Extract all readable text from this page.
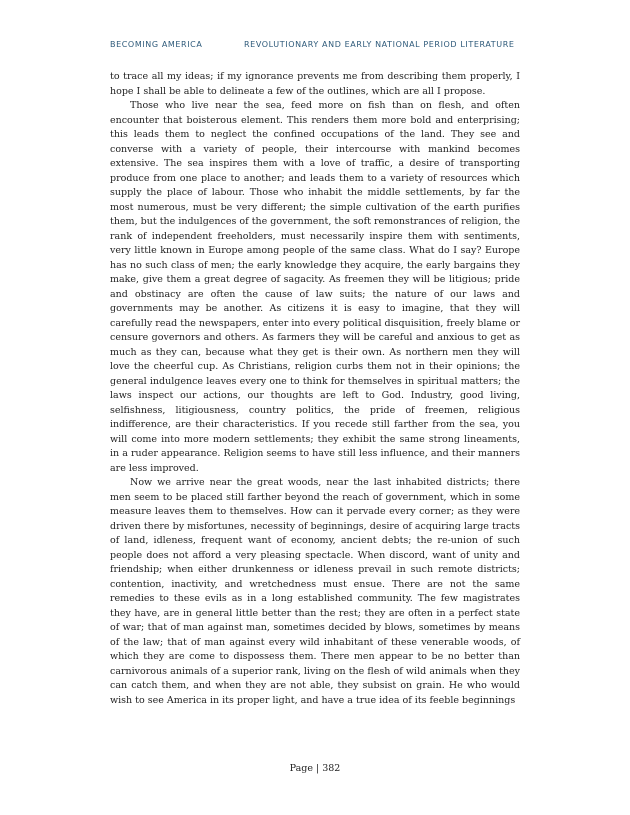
BECOMING AMERICA	REVOLUTIONARY AND EARLY NATIONAL PERIOD LITERATURE

to trace all my ideas; if my ignorance prevents me from describing them properly, I hope I shall be able to delineate a few of the outlines, which are all I propose.

Those who live near the sea, feed more on fish than on flesh, and often encounter that boisterous element. This renders them more bold and enterprising; this leads them to neglect the confined occupations of the land. They see and converse with a variety of people, their intercourse with mankind becomes extensive. The sea inspires them with a love of traffic, a desire of transporting produce from one place to another; and leads them to a variety of resources which supply the place of labour. Those who inhabit the middle settlements, by far the most numerous, must be very different; the simple cultivation of the earth purifies them, but the indulgences of the government, the soft remonstrances of religion, the rank of independent freeholders, must necessarily inspire them with sentiments, very little known in Europe among people of the same class. What do I say? Europe has no such class of men; the early knowledge they acquire, the early bargains they make, give them a great degree of sagacity. As freemen they will be litigious; pride and obstinacy are often the cause of law suits; the nature of our laws and governments may be another. As citizens it is easy to imagine, that they will carefully read the newspapers, enter into every political disquisition, freely blame or censure governors and others. As farmers they will be careful and anxious to get as much as they can, because what they get is their own. As northern men they will love the cheerful cup. As Christians, religion curbs them not in their opinions; the general indulgence leaves every one to think for themselves in spiritual matters; the laws inspect our actions, our thoughts are left to God. Industry, good living, selfishness, litigiousness, country politics, the pride of freemen, religious indifference, are their characteristics. If you recede still farther from the sea, you will come into more modern settlements; they exhibit the same strong lineaments, in a ruder appearance. Religion seems to have still less influence, and their manners are less improved.

Now we arrive near the great woods, near the last inhabited districts; there men seem to be placed still farther beyond the reach of government, which in some measure leaves them to themselves. How can it pervade every corner; as they were driven there by misfortunes, necessity of beginnings, desire of acquiring large tracts of land, idleness, frequent want of economy, ancient debts; the re-union of such people does not afford a very pleasing spectacle. When discord, want of unity and friendship; when either drunkenness or idleness prevail in such remote districts; contention, inactivity, and wretchedness must ensue. There are not the same remedies to these evils as in a long established community. The few magistrates they have, are in general little better than the rest; they are often in a perfect state of war; that of man against man, sometimes decided by blows, sometimes by means of the law; that of man against every wild inhabitant of these venerable woods, of which they are come to dispossess them. There men appear to be no better than carnivorous animals of a superior rank, living on the flesh of wild animals when they can catch them, and when they are not able, they subsist on grain. He who would wish to see America in its proper light, and have a true idea of its feeble beginnings

Page | 382
